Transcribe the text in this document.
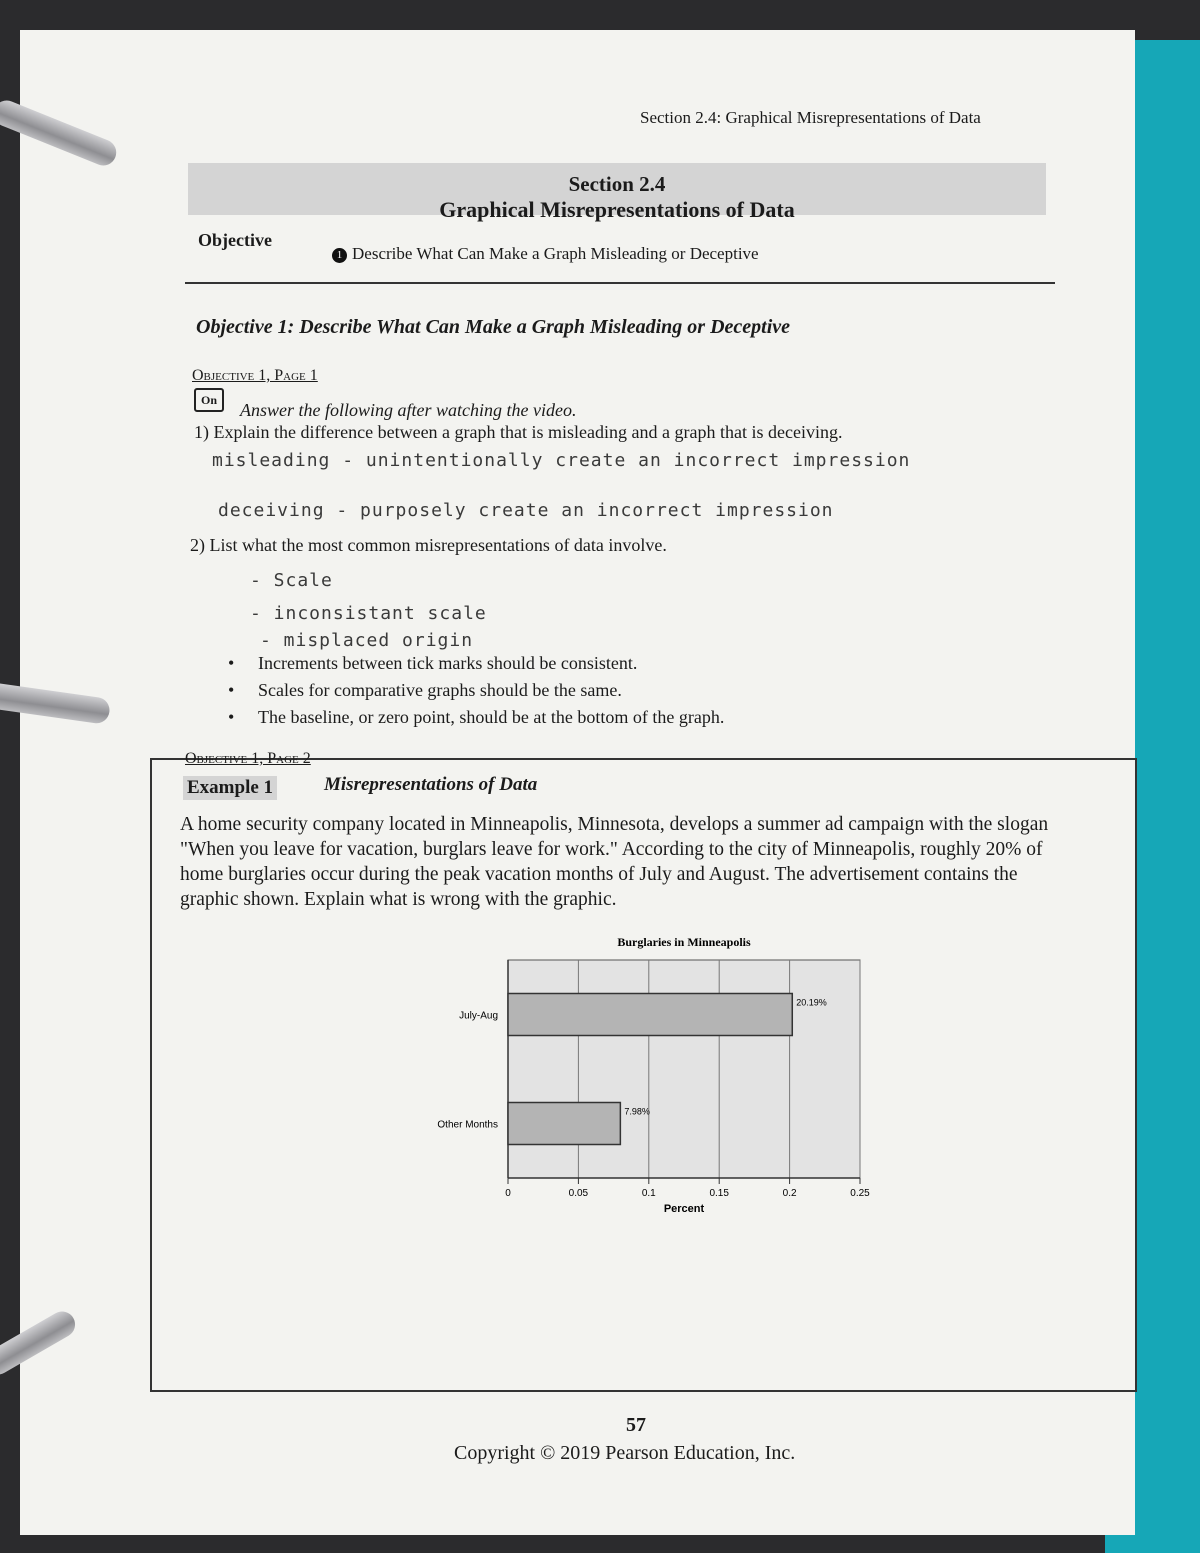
Section 2.4: Graphical Misrepresentations of Data
Section 2.4
Graphical Misrepresentations of Data
Objective
1 Describe What Can Make a Graph Misleading or Deceptive
Objective 1: Describe What Can Make a Graph Misleading or Deceptive
Objective 1, Page 1
On	Answer the following after watching the video.
1) Explain the difference between a graph that is misleading and a graph that is deceiving.
misleading - unintentionally create an incorrect impression
deceiving - purposely create an incorrect impression
2) List what the most common misrepresentations of data involve.
- Scale
- inconsistant scale
- misplaced origin
• Increments between tick marks should be consistent.
• Scales for comparative graphs should be the same.
• The baseline, or zero point, should be at the bottom of the graph.
Objective 1, Page 2
Example 1	Misrepresentations of Data
A home security company located in Minneapolis, Minnesota, develops a summer ad campaign with the slogan "When you leave for vacation, burglars leave for work." According to the city of Minneapolis, roughly 20% of home burglaries occur during the peak vacation months of July and August. The advertisement contains the graphic shown. Explain what is wrong with the graphic.
0	0.05	0.1	0.15	0.2	0.25
July-Aug
20.19%
Other Months
7.98%
Burglaries in Minneapolis
Percent
57
Copyright © 2019 Pearson Education, Inc.
